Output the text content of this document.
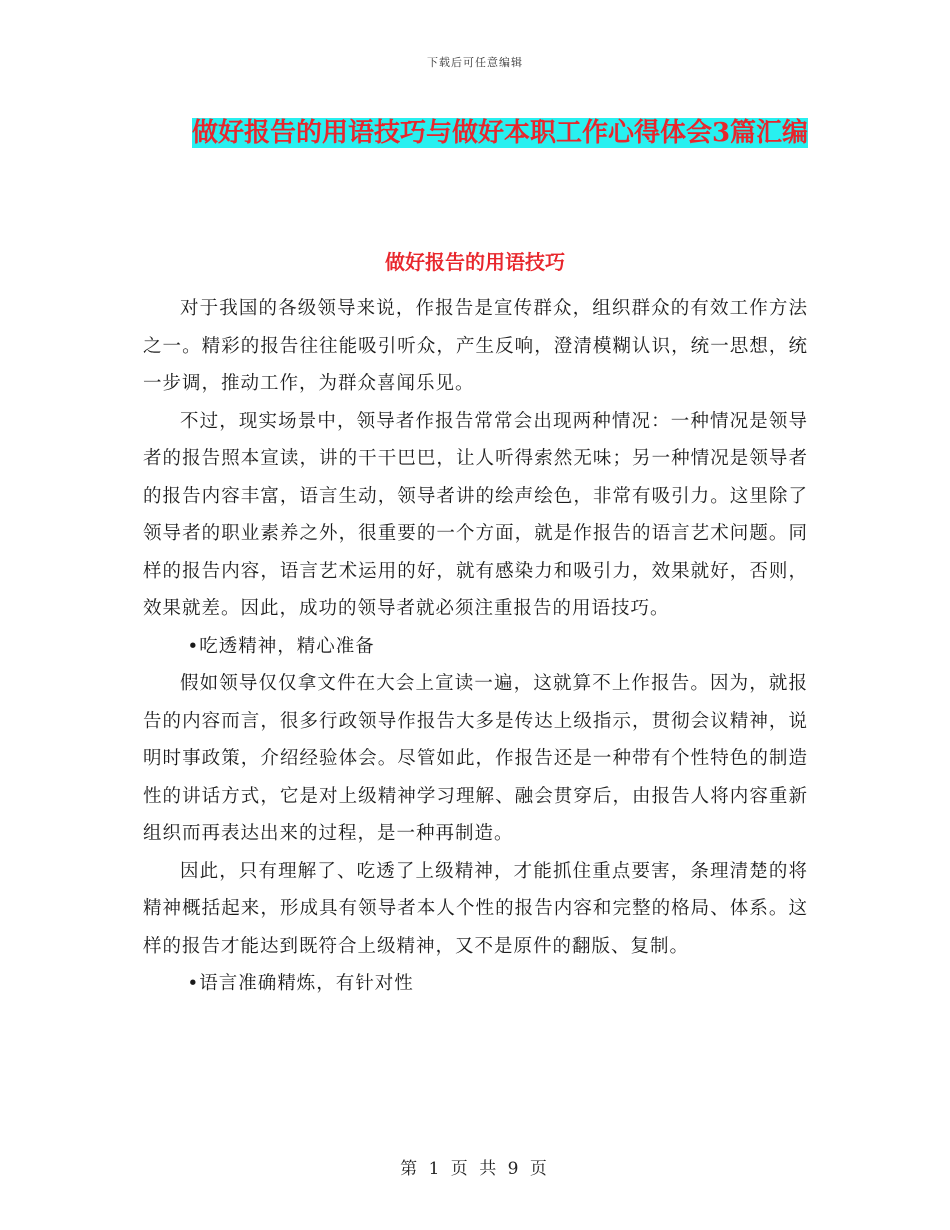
下载后可任意编辑
做好报告的用语技巧与做好本职工作心得体会3篇汇编
做好报告的用语技巧

对于我国的各级领导来说，作报告是宣传群众，组织群众的有效工作方法之一。精彩的报告往往能吸引听众，产生反响，澄清模糊认识，统一思想，统一步调，推动工作，为群众喜闻乐见。

不过，现实场景中，领导者作报告常常会出现两种情况：一种情况是领导者的报告照本宣读，讲的干干巴巴，让人听得索然无味；另一种情况是领导者的报告内容丰富，语言生动，领导者讲的绘声绘色，非常有吸引力。这里除了领导者的职业素养之外，很重要的一个方面，就是作报告的语言艺术问题。同样的报告内容，语言艺术运用的好，就有感染力和吸引力，效果就好，否则，效果就差。因此，成功的领导者就必须注重报告的用语技巧。

•吃透精神，精心准备

假如领导仅仅拿文件在大会上宣读一遍，这就算不上作报告。因为，就报告的内容而言，很多行政领导作报告大多是传达上级指示，贯彻会议精神，说明时事政策，介绍经验体会。尽管如此，作报告还是一种带有个性特色的制造性的讲话方式，它是对上级精神学习理解、融会贯穿后，由报告人将内容重新组织而再表达出来的过程，是一种再制造。

因此，只有理解了、吃透了上级精神，才能抓住重点要害，条理清楚的将精神概括起来，形成具有领导者本人个性的报告内容和完整的格局、体系。这样的报告才能达到既符合上级精神，又不是原件的翻版、复制。

•语言准确精炼，有针对性

第 1 页 共 9 页
